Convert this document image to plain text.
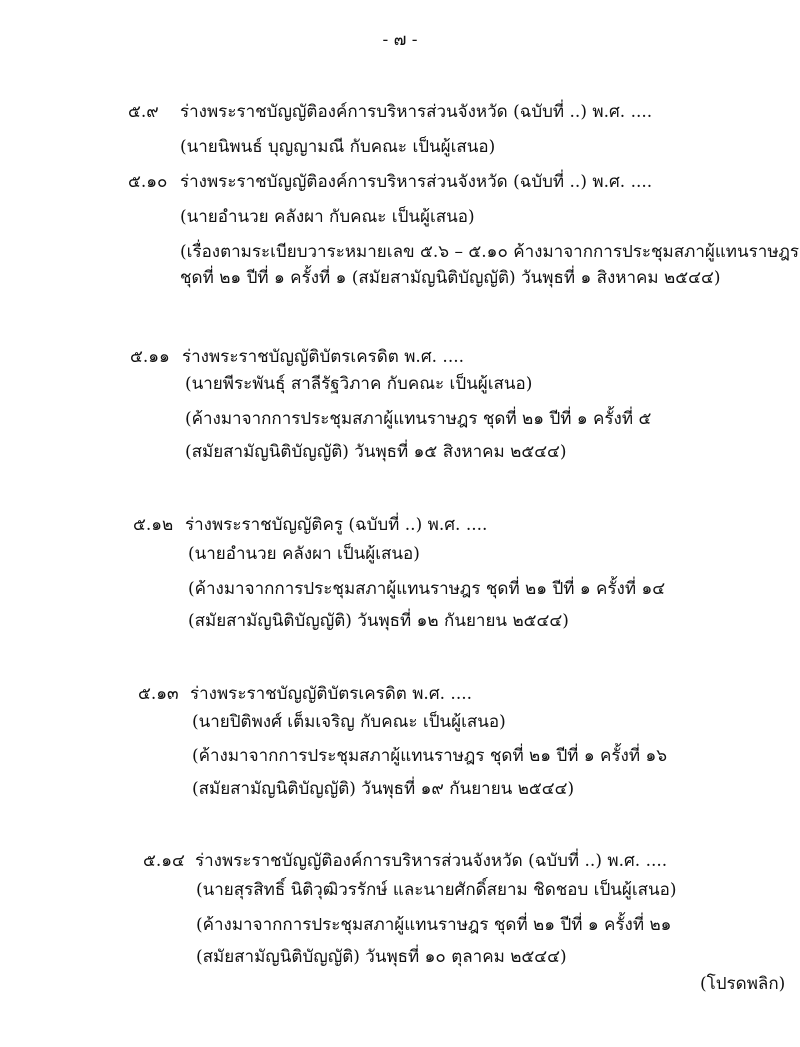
- ๗ -
๕.๙ ร่างพระราชบัญญัติองค์การบริหารส่วนจังหวัด (ฉบับที่ ..) พ.ศ. ....
(นายนิพนธ์ บุญญามณี กับคณะ เป็นผู้เสนอ)
๕.๑๐ ร่างพระราชบัญญัติองค์การบริหารส่วนจังหวัด (ฉบับที่ ..) พ.ศ. ....
(นายอำนวย คลังผา กับคณะ เป็นผู้เสนอ)
(เรื่องตามระเบียบวาระหมายเลข ๕.๖ – ๕.๑๐ ค้างมาจากการประชุมสภาผู้แทนราษฎร
ชุดที่ ๒๑ ปีที่ ๑ ครั้งที่ ๑ (สมัยสามัญนิติบัญญัติ) วันพุธที่ ๑ สิงหาคม ๒๕๔๔)
๕.๑๑ ร่างพระราชบัญญัติบัตรเครดิต พ.ศ. ....
(นายพีระพันธุ์ สาลีรัฐวิภาค กับคณะ เป็นผู้เสนอ)
(ค้างมาจากการประชุมสภาผู้แทนราษฎร ชุดที่ ๒๑ ปีที่ ๑ ครั้งที่ ๕
(สมัยสามัญนิติบัญญัติ) วันพุธที่ ๑๕ สิงหาคม ๒๕๔๔)
๕.๑๒ ร่างพระราชบัญญัติครู (ฉบับที่ ..) พ.ศ. ....
(นายอำนวย คลังผา เป็นผู้เสนอ)
(ค้างมาจากการประชุมสภาผู้แทนราษฎร ชุดที่ ๒๑ ปีที่ ๑ ครั้งที่ ๑๔
(สมัยสามัญนิติบัญญัติ) วันพุธที่ ๑๒ กันยายน ๒๕๔๔)
๕.๑๓ ร่างพระราชบัญญัติบัตรเครดิต พ.ศ. ....
(นายปิติพงศ์ เต็มเจริญ กับคณะ เป็นผู้เสนอ)
(ค้างมาจากการประชุมสภาผู้แทนราษฎร ชุดที่ ๒๑ ปีที่ ๑ ครั้งที่ ๑๖
(สมัยสามัญนิติบัญญัติ) วันพุธที่ ๑๙ กันยายน ๒๕๔๔)
๕.๑๔ ร่างพระราชบัญญัติองค์การบริหารส่วนจังหวัด (ฉบับที่ ..) พ.ศ. ....
(นายสุรสิทธิ์ นิติวุฒิวรรักษ์ และนายศักดิ์สยาม ชิดชอบ เป็นผู้เสนอ)
(ค้างมาจากการประชุมสภาผู้แทนราษฎร ชุดที่ ๒๑ ปีที่ ๑ ครั้งที่ ๒๑
(สมัยสามัญนิติบัญญัติ) วันพุธที่ ๑๐ ตุลาคม ๒๕๔๔)
(โปรดพลิก)
